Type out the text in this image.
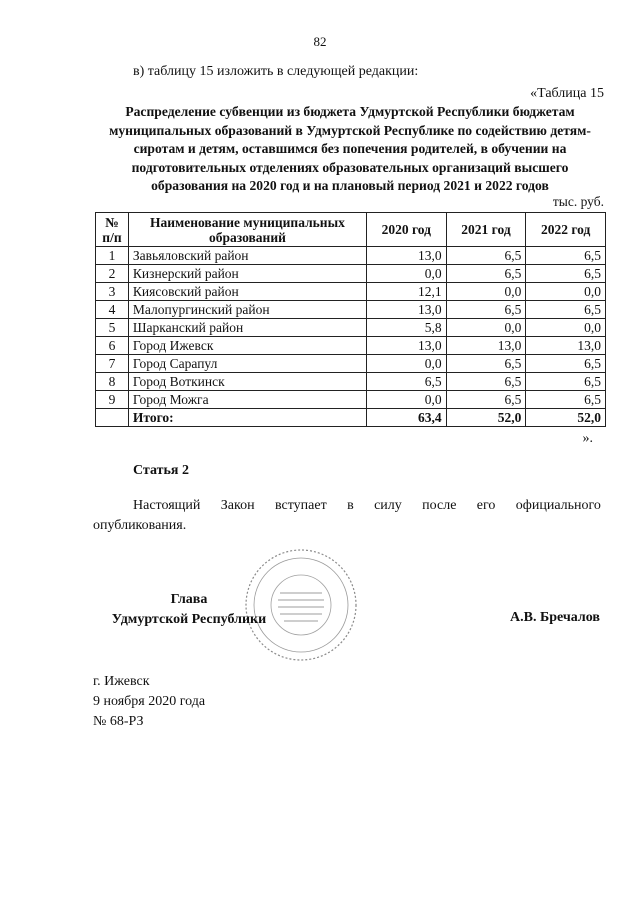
82
в) таблицу 15 изложить в следующей редакции:
«Таблица 15
Распределение субвенции из бюджета Удмуртской Республики бюджетам муниципальных образований в Удмуртской Республике по содействию детям-сиротам и детям, оставшимся без попечения родителей, в обучении на подготовительных отделениях образовательных организаций высшего образования на 2020 год и на плановый период 2021 и 2022 годов
тыс. руб.
№ п/п	Наименование муниципальных образований	2020 год	2021 год	2022 год
1	Завьяловский район	13,0	6,5	6,5
2	Кизнерский район	0,0	6,5	6,5
3	Киясовский район	12,1	0,0	0,0
4	Малопургинский район	13,0	6,5	6,5
5	Шарканский район	5,8	0,0	0,0
6	Город Ижевск	13,0	13,0	13,0
7	Город Сарапул	0,0	6,5	6,5
8	Город Воткинск	6,5	6,5	6,5
9	Город Можга	0,0	6,5	6,5
	Итого:	63,4	52,0	52,0
».
Статья 2
Настоящий Закон вступает в силу после его официального
опубликования.
Глава
Удмуртской Республики	А.В. Бречалов
г. Ижевск
9 ноября 2020 года
№ 68-РЗ
